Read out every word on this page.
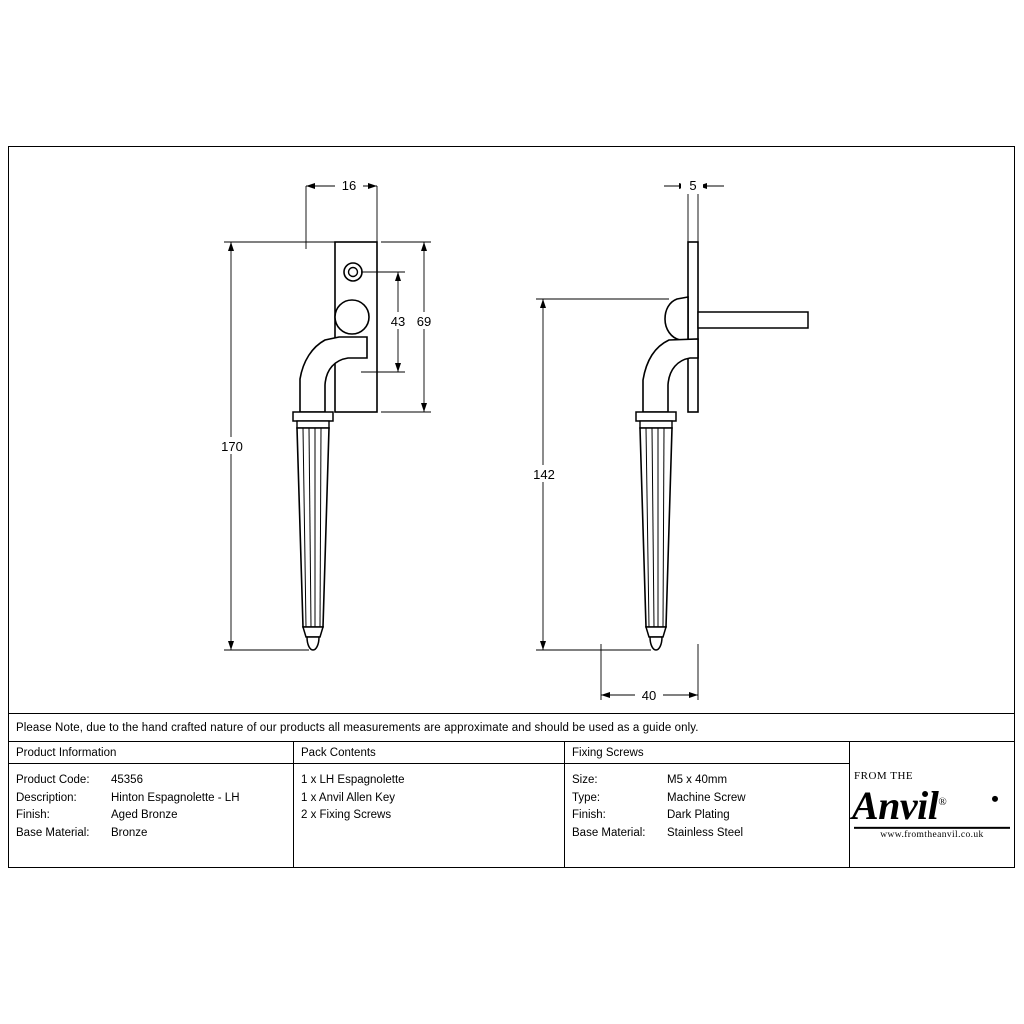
16
43 69
170
5
142
40
Please Note, due to the hand crafted nature of our products all measurements are approximate and should be used as a guide only.
Product Information
Product Code:	45356
Description:	Hinton Espagnolette - LH
Finish:	Aged Bronze
Base Material:	Bronze
Pack Contents
1 x LH Espagnolette
1 x Anvil Allen Key
2 x Fixing Screws
Fixing Screws
Size:	M5 x 40mm
Type:	Machine Screw
Finish:	Dark Plating
Base Material:	Stainless Steel
FROM THE
Anvil®
www.fromtheanvil.co.uk
